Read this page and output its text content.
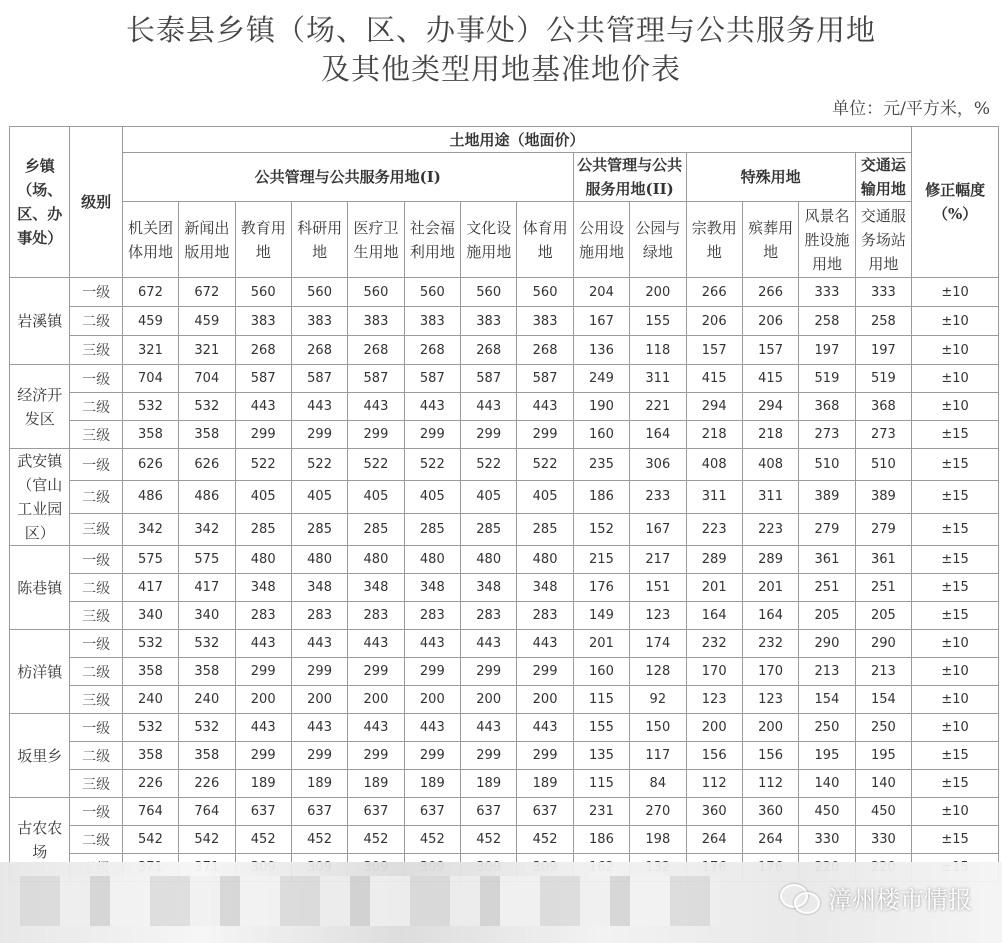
长泰县乡镇（场、区、办事处）公共管理与公共服务用地
及其他类型用地基准地价表
单位：元/平方米，%
乡镇（场、区、办事处）	级别	土地用途（地面价）														修正幅度（%）
		公共管理与公共服务用地(I)								公共管理与公共服务用地(II)		特殊用地			交通运输用地	
		机关团体用地	新闻出版用地	教育用地	科研用地	医疗卫生用地	社会福利用地	文化设施用地	体育用地	公用设施用地	公园与绿地	宗教用地	殡葬用地	风景名胜设施用地	交通服务场站用地	
岩溪镇	一级	672	672	560	560	560	560	560	560	204	200	266	266	333	333	±10
	二级	459	459	383	383	383	383	383	383	167	155	206	206	258	258	±10
	三级	321	321	268	268	268	268	268	268	136	118	157	157	197	197	±10
经济开发区	一级	704	704	587	587	587	587	587	587	249	311	415	415	519	519	±10
	二级	532	532	443	443	443	443	443	443	190	221	294	294	368	368	±10
	三级	358	358	299	299	299	299	299	299	160	164	218	218	273	273	±15
武安镇（官山工业园区）	一级	626	626	522	522	522	522	522	522	235	306	408	408	510	510	±15
	二级	486	486	405	405	405	405	405	405	186	233	311	311	389	389	±15
	三级	342	342	285	285	285	285	285	285	152	167	223	223	279	279	±15
陈巷镇	一级	575	575	480	480	480	480	480	480	215	217	289	289	361	361	±15
	二级	417	417	348	348	348	348	348	348	176	151	201	201	251	251	±15
	三级	340	340	283	283	283	283	283	283	149	123	164	164	205	205	±15
枋洋镇	一级	532	532	443	443	443	443	443	443	201	174	232	232	290	290	±10
	二级	358	358	299	299	299	299	299	299	160	128	170	170	213	213	±10
	三级	240	240	200	200	200	200	200	200	115	92	123	123	154	154	±10
坂里乡	一级	532	532	443	443	443	443	443	443	155	150	200	200	250	250	±10
	二级	358	358	299	299	299	299	299	299	135	117	156	156	195	195	±15
	三级	226	226	189	189	189	189	189	189	115	84	112	112	140	140	±15
古农农场	一级	764	764	637	637	637	637	637	637	231	270	360	360	450	450	±10
	二级	542	542	452	452	452	452	452	452	186	198	264	264	330	330	±15

漳州楼市情报
